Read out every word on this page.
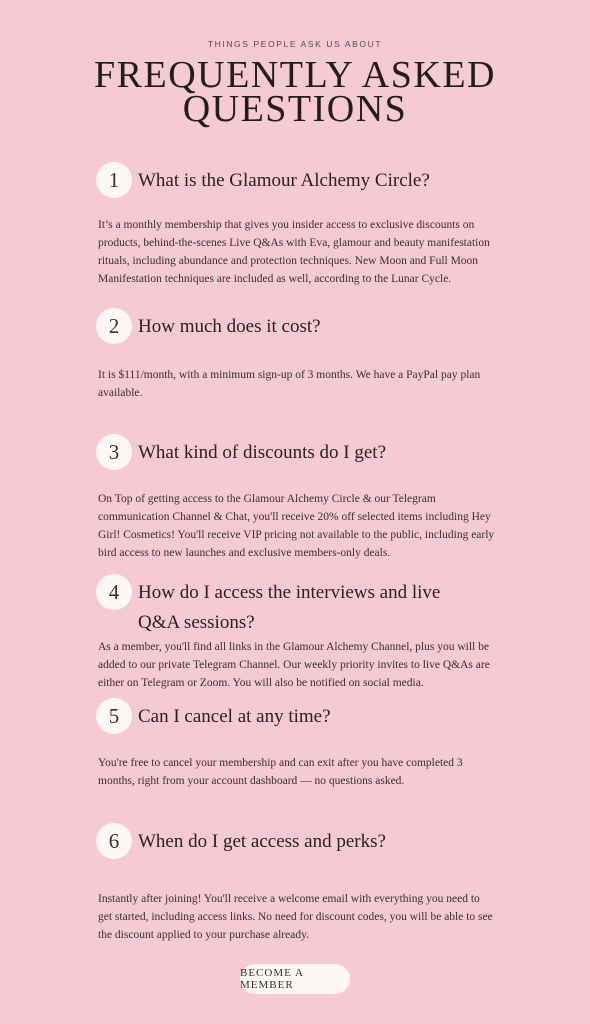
THINGS PEOPLE ASK US ABOUT
FREQUENTLY ASKED
QUESTIONS
1 What is the Glamour Alchemy Circle?
It’s a monthly membership that gives you insider access to exclusive discounts on products, behind-the-scenes Live Q&As with Eva, glamour and beauty manifestation rituals, including abundance and protection techniques. New Moon and Full Moon Manifestation techniques are included as well, according to the Lunar Cycle.
2 How much does it cost?
It is $111/month, with a minimum sign-up of 3 months. We have a PayPal pay plan available.
3 What kind of discounts do I get?
On Top of getting access to the Glamour Alchemy Circle & our Telegram communication Channel & Chat, you'll receive 20% off selected items including Hey Girl! Cosmetics! You'll receive VIP pricing not available to the public, including early bird access to new launches and exclusive members-only deals.
4 How do I access the interviews and live Q&A sessions?
As a member, you'll find all links in the Glamour Alchemy Channel, plus you will be added to our private Telegram Channel. Our weekly priority invites to live Q&As are either on Telegram or Zoom. You will also be notified on social media.
5 Can I cancel at any time?
You're free to cancel your membership and can exit after you have completed 3 months, right from your account dashboard — no questions asked.
6 When do I get access and perks?
Instantly after joining! You'll receive a welcome email with everything you need to get started, including access links. No need for discount codes, you will be able to see the discount applied to your purchase already.
BECOME A MEMBER
